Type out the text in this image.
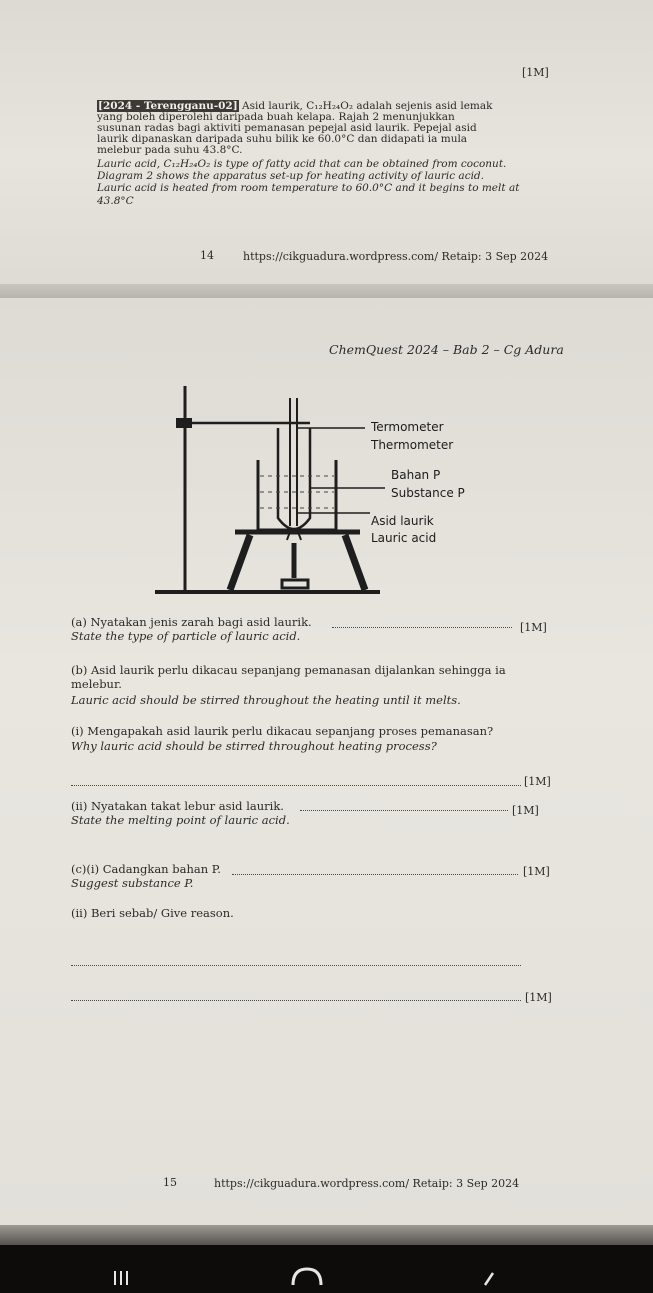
[1M]
[2024 - Terengganu-02] Asid laurik, C₁₂H₂₄O₂ adalah sejenis asid lemak
yang boleh diperolehi daripada buah kelapa. Rajah 2 menunjukkan
susunan radas bagi aktiviti pemanasan pepejal asid laurik. Pepejal asid
laurik dipanaskan daripada suhu bilik ke 60.0°C dan didapati ia mula
melebur pada suhu 43.8°C.
Lauric acid, C₁₂H₂₄O₂ is type of fatty acid that can be obtained from coconut.
Diagram 2 shows the apparatus set-up for heating activity of lauric acid.
Lauric acid is heated from room temperature to 60.0°C and it begins to melt at
43.8°C
14	https://cikguadura.wordpress.com/ Retaip: 3 Sep 2024
ChemQuest 2024 – Bab 2 – Cg Adura
Termometer
Thermometer
Bahan P
Substance P
Asid laurik
Lauric acid
(a) Nyatakan jenis zarah bagi asid laurik.	[1M]
State the type of particle of lauric acid.
(b) Asid laurik perlu dikacau sepanjang pemanasan dijalankan sehingga ia
melebur.
Lauric acid should be stirred throughout the heating until it melts.
(i) Mengapakah asid laurik perlu dikacau sepanjang proses pemanasan?
Why lauric acid should be stirred throughout heating process?
[1M]
(ii) Nyatakan takat lebur asid laurik.	[1M]
State the melting point of lauric acid.
(c)(i) Cadangkan bahan P.	[1M]
Suggest substance P.
(ii) Beri sebab/ Give reason.
[1M]
15	https://cikguadura.wordpress.com/ Retaip: 3 Sep 2024
